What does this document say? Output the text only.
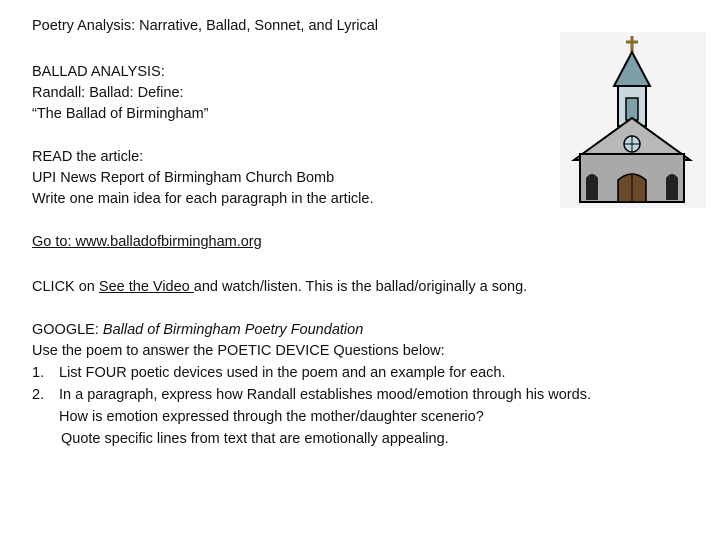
Poetry Analysis: Narrative, Ballad, Sonnet, and Lyrical
BALLAD ANALYSIS:
Randall: Ballad: Define:
“The Ballad of Birmingham”
READ the article:
UPI News Report of Birmingham Church Bomb
Write one main idea for each paragraph in the article.
Go to: www.balladofbirmingham.org
CLICK on See the Video and watch/listen. This is the ballad/originally a song.
GOOGLE: Ballad of Birmingham Poetry Foundation
Use the poem to answer the POETIC DEVICE Questions below:
1. List FOUR poetic devices used in the poem and an example for each.
2. In a paragraph, express how Randall establishes mood/emotion through his words.
How is emotion expressed through the mother/daughter scenerio?
Quote specific lines from text that are emotionally appealing.
